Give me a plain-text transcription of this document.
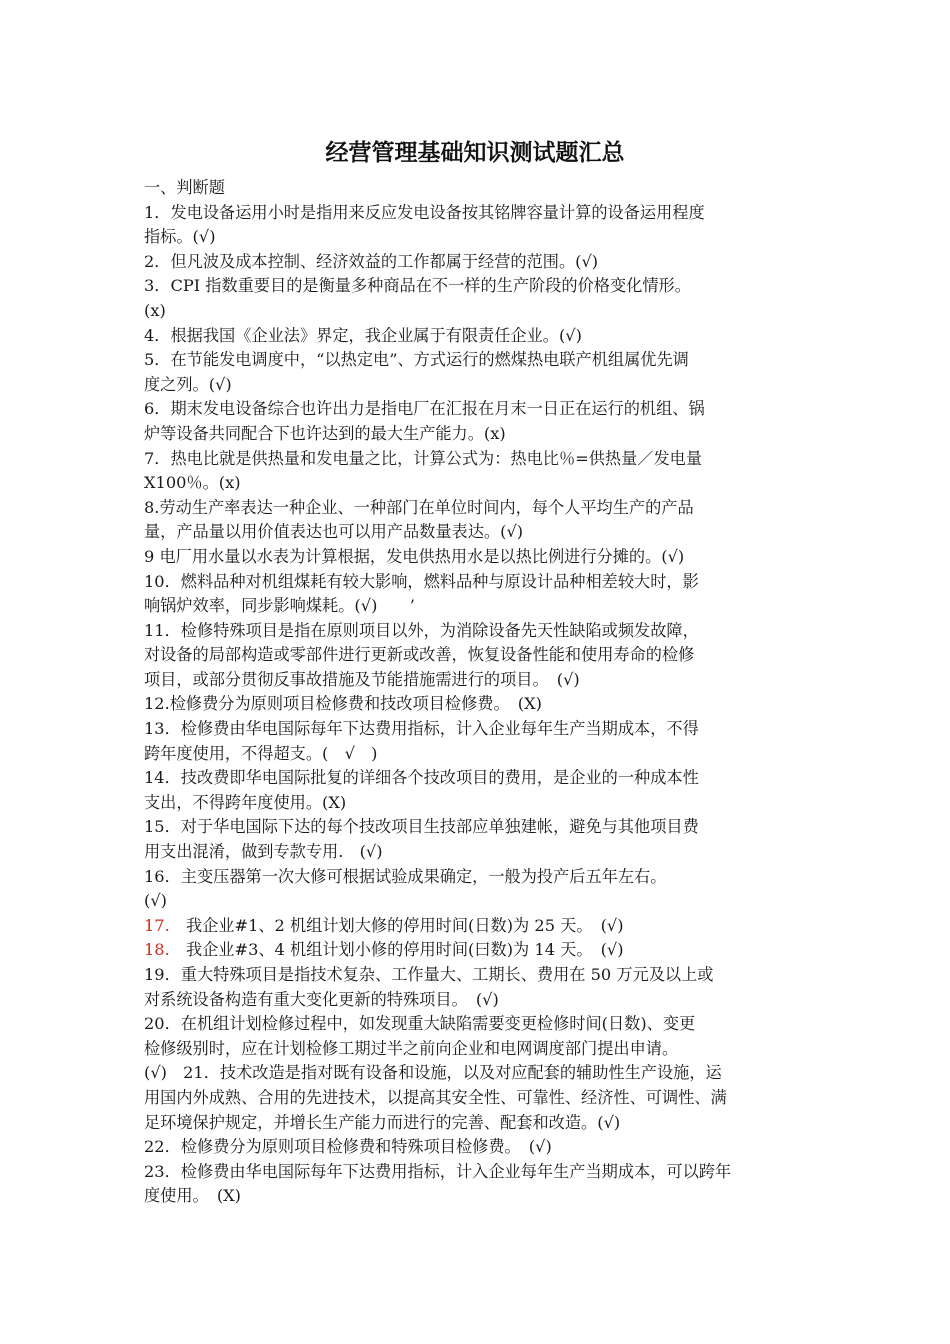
经营管理基础知识测试题汇总
一、判断题
1．发电设备运用小时是指用来反应发电设备按其铭牌容量计算的设备运用程度
指标。(√)
2．但凡波及成本控制、经济效益的工作都属于经营的范围。(√)
3．CPI 指数重要目的是衡量多种商品在不一样的生产阶段的价格变化情形。
(x)
4．根据我国《企业法》界定，我企业属于有限责任企业。(√)
5．在节能发电调度中，“以热定电”、方式运行的燃煤热电联产机组属优先调
度之列。(√)
6．期末发电设备综合也许出力是指电厂在汇报在月末一日正在运行的机组、锅
炉等设备共同配合下也许达到的最大生产能力。(x)
7．热电比就是供热量和发电量之比，计算公式为：热电比％=供热量／发电量
X100％。(x)
8.劳动生产率表达一种企业、一种部门在单位时间内，每个人平均生产的产品
量，产品量以用价值表达也可以用产品数量表达。(√)
9 电厂用水量以水表为计算根据，发电供热用水是以热比例进行分摊的。(√)
10．燃料品种对机组煤耗有较大影响，燃料品种与原设计品种相差较大时，影
响锅炉效率，同步影响煤耗。(√)　　’
11．检修特殊项目是指在原则项目以外，为消除设备先天性缺陷或频发故障，
对设备的局部构造或零部件进行更新或改善，恢复设备性能和使用寿命的检修
项目，或部分贯彻反事故措施及节能措施需进行的项目。　(√)
12.检修费分为原则项目检修费和技改项目检修费。　(X)
13．检修费由华电国际每年下达费用指标，计入企业每年生产当期成本，不得
跨年度使用，不得超支。(　√　)
14．技改费即华电国际批复的详细各个技改项目的费用，是企业的一种成本性
支出，不得跨年度使用。(X)
15．对于华电国际下达的每个技改项目生技部应单独建帐，避免与其他项目费
用支出混淆，做到专款专用.　(√)
16．主变压器第一次大修可根据试验成果确定，一般为投产后五年左右。
(√)
17.　我企业#1、2 机组计划大修的停用时间(日数)为 25 天。　(√)
18.　我企业#3、4 机组计划小修的停用时间(曰数)为 14 天。　(√)
19．重大特殊项目是指技术复杂、工作量大、工期长、费用在 50 万元及以上或
对系统设备构造有重大变化更新的特殊项目。　(√)
20．在机组计划检修过程中，如发现重大缺陷需要变更检修时间(日数)、变更
检修级别时，应在计划检修工期过半之前向企业和电网调度部门提出申请。
(√)　21．技术改造是指对既有设备和设施，以及对应配套的辅助性生产设施，运
用国内外成熟、合用的先进技术，以提高其安全性、可靠性、经济性、可调性、满
足环境保护规定，并增长生产能力而进行的完善、配套和改造。(√)
22．检修费分为原则项目检修费和特殊项目检修费。　(√)
23．检修费由华电国际每年下达费用指标，计入企业每年生产当期成本，可以跨年
度使用。　(X)
